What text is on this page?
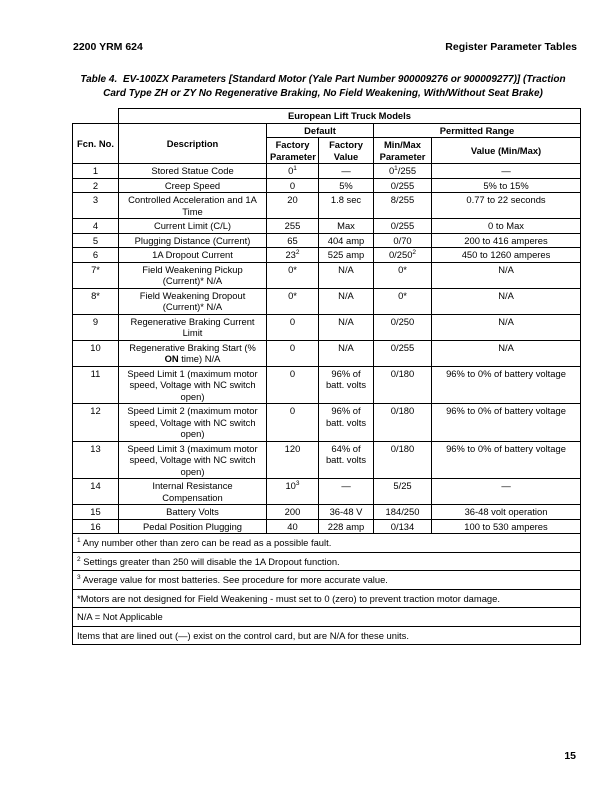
2200 YRM 624	Register Parameter Tables
Table 4. EV-100ZX Parameters [Standard Motor (Yale Part Number 900009276 or 900009277)] (Traction Card Type ZH or ZY No Regenerative Braking, No Field Weakening, With/Without Seat Brake)
	European Lift Truck Models				
Fcn. No.	Description	Default		Permitted Range	
		Factory Parameter	Factory Value	Min/Max Parameter	Value (Min/Max)
1	Stored Statue Code	$0^1$	—	$0^1/255$	—
2	Creep Speed	0	5%	0/255	5% to 15%
3	Controlled Acceleration and 1A Time	20	1.8 sec	8/255	0.77 to 22 seconds
4	Current Limit (C/L)	255	Max	0/255	0 to Max
5	Plugging Distance (Current)	65	404 amp	0/70	200 to 416 amperes
6	1A Dropout Current	$23^2$	525 amp	$0/250^2$	450 to 1260 amperes
7*	Field Weakening Pickup (Current)* N/A	0*	N/A	0*	N/A
8*	Field Weakening Dropout (Current)* N/A	0*	N/A	0*	N/A
9	Regenerative Braking Current Limit	0	N/A	0/250	N/A
10	Regenerative Braking Start (% ON time) N/A	0	N/A	0/255	N/A
11	Speed Limit 1 (maximum motor speed, Voltage with NC switch open)	0	96% of batt. volts	0/180	96% to 0% of battery voltage
12	Speed Limit 2 (maximum motor speed, Voltage with NC switch open)	0	96% of batt. volts	0/180	96% to 0% of battery voltage
13	Speed Limit 3 (maximum motor speed, Voltage with NC switch open)	120	64% of batt. volts	0/180	96% to 0% of battery voltage
14	Internal Resistance Compensation	$10^3$	—	5/25	—
15	Battery Volts	200	36-48 V	184/250	36-48 volt operation
16	Pedal Position Plugging	40	228 amp	0/134	100 to 530 amperes
$^1$ Any number other than zero can be read as a possible fault.					
$^2$ Settings greater than 250 will disable the 1A Dropout function.					
$^3$ Average value for most batteries. See procedure for more accurate value.					
*Motors are not designed for Field Weakening - must set to 0 (zero) to prevent traction motor damage.					
N/A = Not Applicable					
Items that are lined out (—) exist on the control card, but are N/A for these units.					
15
